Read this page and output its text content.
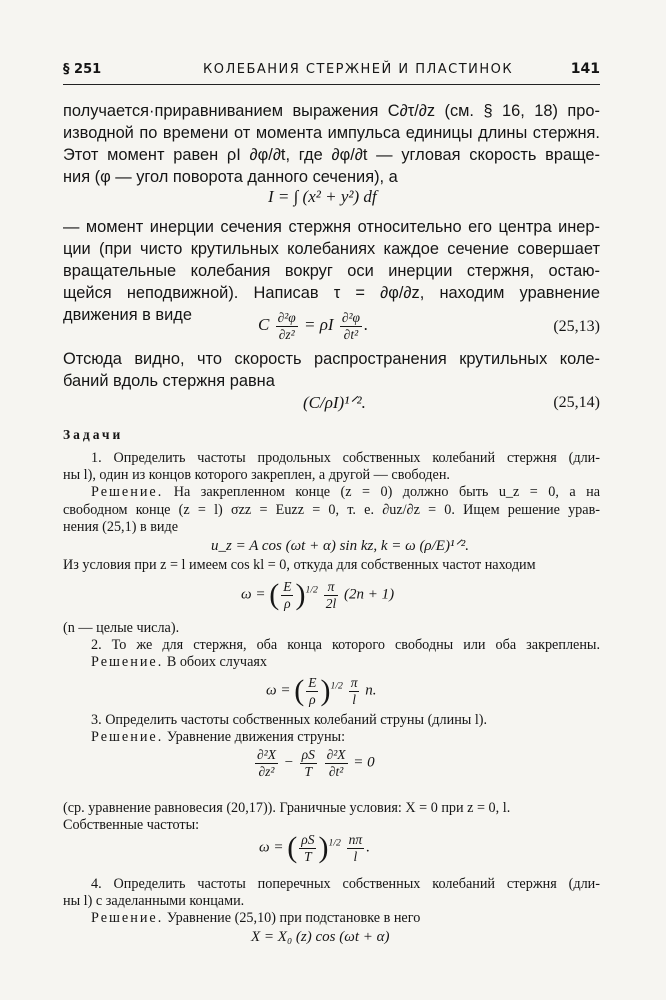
§ 251	КОЛЕБАНИЯ СТЕРЖНЕЙ И ПЛАСТИНОК	141
получается·приравниванием выражения C∂τ/∂z (см. § 16, 18) про-
изводной по времени от момента импульса единицы длины стержня.
Этот момент равен ρI ∂φ/∂t, где ∂φ/∂t — угловая скорость враще-
ния (φ — угол поворота данного сечения), а
I = ∫ (x² + y²) df
— момент инерции сечения стержня относительно его центра инер-
ции (при чисто крутильных колебаниях каждое сечение совершает
вращательные колебания вокруг оси инерции стержня, остаю-
щейся неподвижной). Написав τ = ∂φ/∂z, находим уравнение
движения в виде	C $\frac{\text{∂²φ}}{\text{∂z²}} = \rho I \frac{\text{∂²φ}}{\text{∂t²}}$ .	(25,13)
Отсюда видно, что скорость распространения крутильных коле-
баний вдоль стержня равна
(C/ρI)¹ᐟ².	(25,14)
Задачи
1. Определить частоты продольных собственных колебаний стержня (дли-
ны l), один из концов которого закреплен, а другой — свободен.
Решение. На закрепленном конце (z = 0) должно быть u_z = 0, а на
свободном конце (z = l) σzz = Euzz = 0, т. е. ∂uz/∂z = 0. Ищем решение урав-
нения (25,1) в виде
u_z = A cos (ωt + α) sin kz, k = ω (ρ/E)¹ᐟ².
Из условия при z = l имеем cos kl = 0, откуда для собственных частот находим
ω = ( $\frac{E}{\rho} )^{1/2} \frac{\pi}{2l} (2n + 1)$
(n — целые числа).
2. То же для стержня, оба конца которого свободны или оба закреплены.
Решение. В обоих случаях
ω = ( $\frac{E}{\rho} )^{1/2} \frac{\pi}{l} n$.
3. Определить частоты собственных колебаний струны (длины l).
Решение. Уравнение движения струны:
$\frac{\text{∂²X}}{\text{∂z²}} - \frac{\rho S}{T}$
$\frac{\text{∂²X}}{\text{∂t²}} = 0$
(ср. уравнение равновесия (20,17)). Граничные условия: X = 0 при z = 0, l.
Собственные частоты:
ω = ( $\frac{\rho S}{T} )^{1/2} \frac{n\pi}{l}$ .
4. Определить частоты поперечных собственных колебаний стержня (дли-
ны l) с заделанными концами.
Решение. Уравнение (25,10) при подстановке в него
X = X₀ (z) cos (ωt + α)
